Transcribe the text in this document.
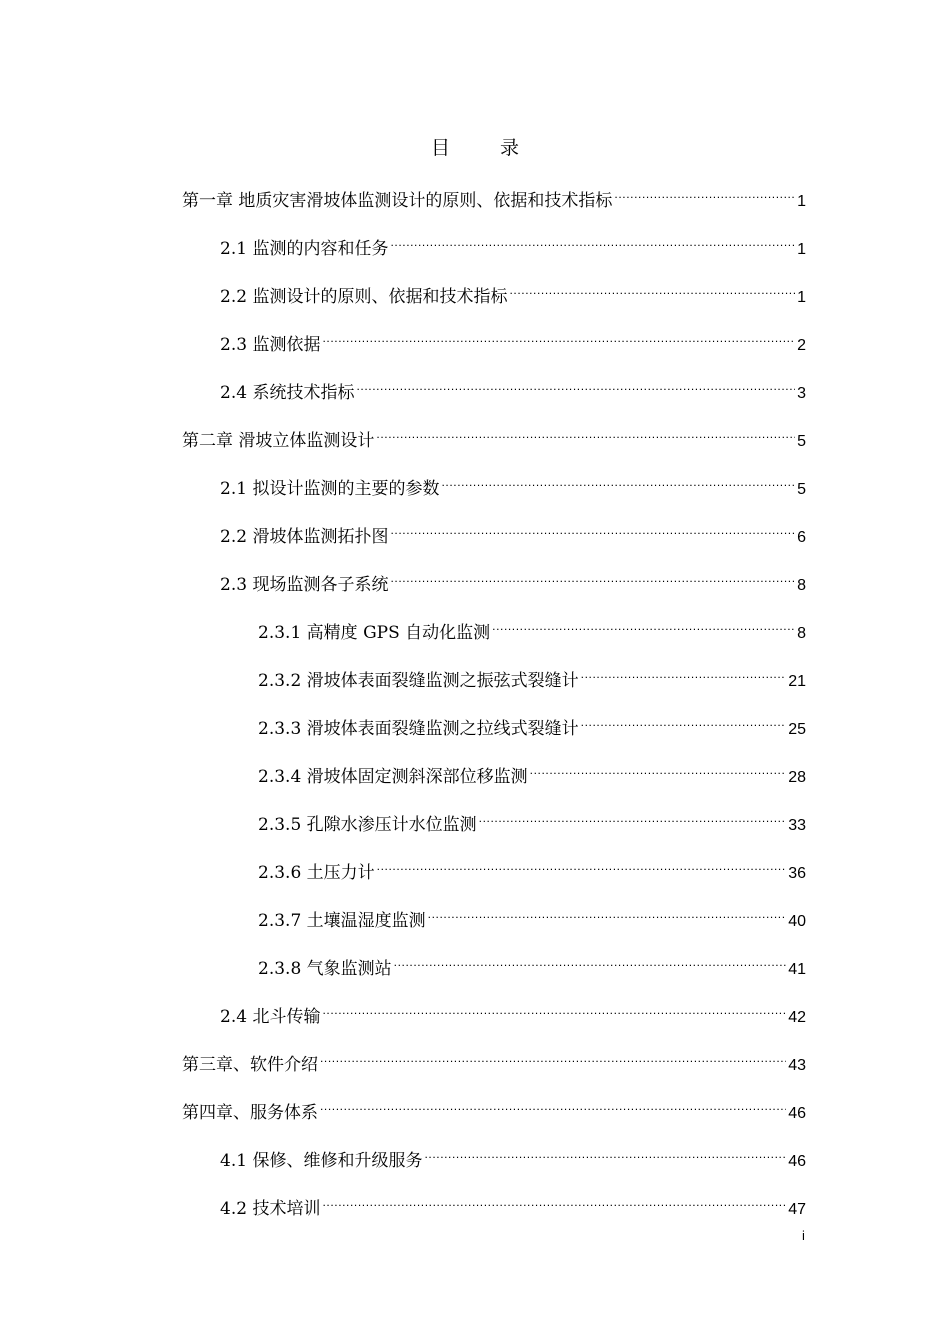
目 录
第一章 地质灾害滑坡体监测设计的原则、依据和技术指标 .....	1
2.1 监测的内容和任务 .....	1
2.2 监测设计的原则、依据和技术指标 .....	1
2.3 监测依据 .....	2
2.4 系统技术指标 .....	3
第二章 滑坡立体监测设计 .....	5
2.1 拟设计监测的主要的参数 .....	5
2.2 滑坡体监测拓扑图 .....	6
2.3 现场监测各子系统 .....	8
2.3.1 高精度 GPS 自动化监测 .....	8
2.3.2 滑坡体表面裂缝监测之振弦式裂缝计 .....	21
2.3.3 滑坡体表面裂缝监测之拉线式裂缝计 .....	25
2.3.4 滑坡体固定测斜深部位移监测 .....	28
2.3.5 孔隙水渗压计水位监测 .....	33
2.3.6 土压力计 .....	36
2.3.7 土壤温湿度监测 .....	40
2.3.8 气象监测站 .....	41
2.4 北斗传输 .....	42
第三章、软件介绍 .....	43
第四章、服务体系 .....	46
4.1 保修、维修和升级服务 .....	46
4.2 技术培训 .....	47
i
